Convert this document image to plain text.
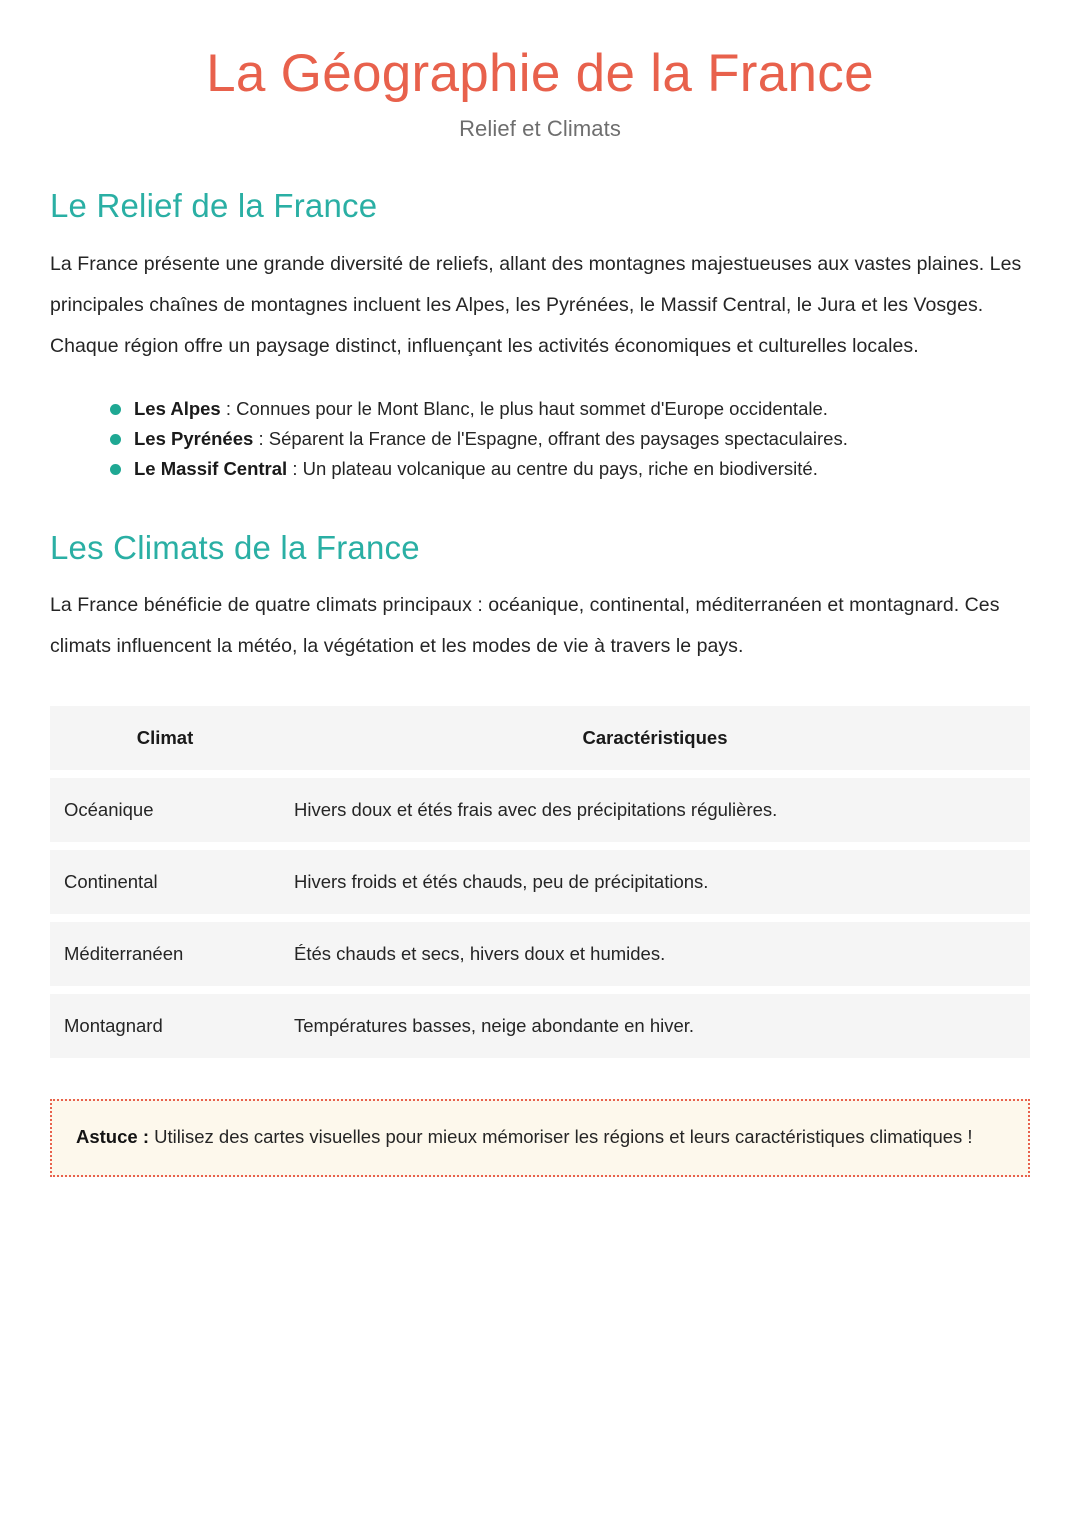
La Géographie de la France

Relief et Climats

Le Relief de la France

La France présente une grande diversité de reliefs, allant des montagnes majestueuses aux vastes plaines. Les principales chaînes de montagnes incluent les Alpes, les Pyrénées, le Massif Central, le Jura et les Vosges. Chaque région offre un paysage distinct, influençant les activités économiques et culturelles locales.

Les Alpes : Connues pour le Mont Blanc, le plus haut sommet d'Europe occidentale.
Les Pyrénées : Séparent la France de l'Espagne, offrant des paysages spectaculaires.
Le Massif Central : Un plateau volcanique au centre du pays, riche en biodiversité.
Les Climats de la France

La France bénéficie de quatre climats principaux : océanique, continental, méditerranéen et montagnard. Ces climats influencent la météo, la végétation et les modes de vie à travers le pays.

Climat	Caractéristiques
Océanique	Hivers doux et étés frais avec des précipitations régulières.
Continental	Hivers froids et étés chauds, peu de précipitations.
Méditerranéen	Étés chauds et secs, hivers doux et humides.
Montagnard	Températures basses, neige abondante en hiver.

Astuce : Utilisez des cartes visuelles pour mieux mémoriser les régions et leurs caractéristiques climatiques !
